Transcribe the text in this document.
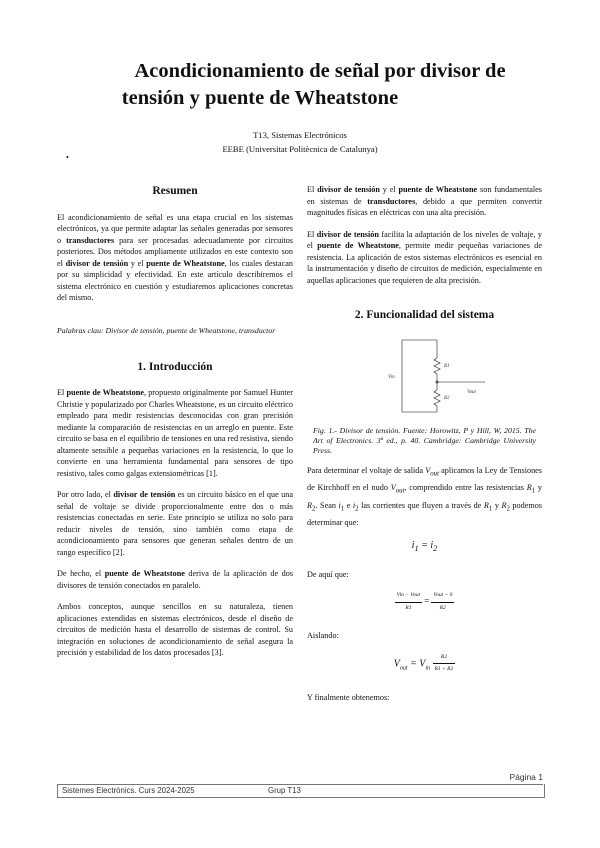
Acondicionamiento de señal por divisor de
tensión y puente de Wheatstone
T13, Sistemas Electrónicos
EEBE (Universitat Politècnica de Catalunya)
•
Resumen

El acondicionamiento de señal es una etapa crucial en los sistemas electrónicos, ya que permite adaptar las señales generadas por sensores o transductores para ser procesadas adecuadamente por circuitos posteriores. Dos métodos ampliamente utilizados en este contexto son el divisor de tensión y el puente de Wheatstone, los cuales destacan por su simplicidad y efectividad. En este artículo describiremos el sistema electrónico en cuestión y estudiaremos aplicaciones concretas del mismo.

Palabras clau: Divisor de tensión, puente de Wheatstone, transductor

1. Introducción

El puente de Wheatstone, propuesto originalmente por Samuel Hunter Christie y popularizado por Charles Wheatstone, es un circuito eléctrico empleado para medir resistencias desconocidas con gran precisión mediante la comparación de resistencias en un arreglo en puente. Este circuito se basa en el equilibrio de tensiones en una red resistiva, siendo altamente sensible a pequeñas variaciones en la resistencia, lo que lo convierte en una herramienta fundamental para sensores de tipo resistivo, tales como galgas extensiométricas [1].

Por otro lado, el divisor de tensión es un circuito básico en el que una señal de voltaje se divide proporcionalmente entre dos o más resistencias conectadas en serie. Este principio se utiliza no solo para reducir niveles de tensión, sino también como etapa de acondicionamiento para sensores que generan señales dentro de un rango específico [2].

De hecho, el puente de Wheatstone deriva de la aplicación de dos divisores de tensión conectados en paralelo.

Ambos conceptos, aunque sencillos en su naturaleza, tienen aplicaciones extendidas en sistemas electrónicos, desde el diseño de circuitos de medición hasta el desarrollo de sistemas de control. Su integración en soluciones de acondicionamiento de señal asegura la precisión y estabilidad de los datos procesados [3].

El divisor de tensión y el puente de Wheatstone son fundamentales en sistemas de transductores, debido a que permiten convertir magnitudes físicas en eléctricas con una alta precisión.

El divisor de tensión facilita la adaptación de los niveles de voltaje, y el puente de Wheatstone, permite medir pequeñas variaciones de resistencia. La aplicación de estos sistemas electrónicos es esencial en la instrumentación y diseño de circuitos de medición, especialmente en aquellas aplicaciones que requieren de alta precisión.

2. Funcionalidad del sistema
R1
R2
Vin
Vout

Fig. 1.- Divisor de tensión. Fuente: Horowitz, P y Hill, W, 2015. The Art of Electronics. 3ª ed., p. 40. Cambridge: Cambridge University Press.

Para determinar el voltaje de salida $V_{out}$ aplicamos la Ley de Tensiones de Kirchhoff en el nudo $V_{out}$, comprendido entre las resistencias $R_1$ y $R_2$. Sean $i_1$ e $i_2$ las corrientes que fluyen a través de $R_1$ y $R_2$ podemos determinar que:

$i_1 = i_2$
De aquí que:
$\frac{\text{Vin − Vout}}{R1} = \frac{\text{Vout − 0}}{R2}$
Aislando:
$V_{out} = V_{in} \frac{R2}{R1 + R2}$
Y finalmente obtenemos:
Página 1
Sistemes Electrònics. Curs 2024-2025	Grup T13
